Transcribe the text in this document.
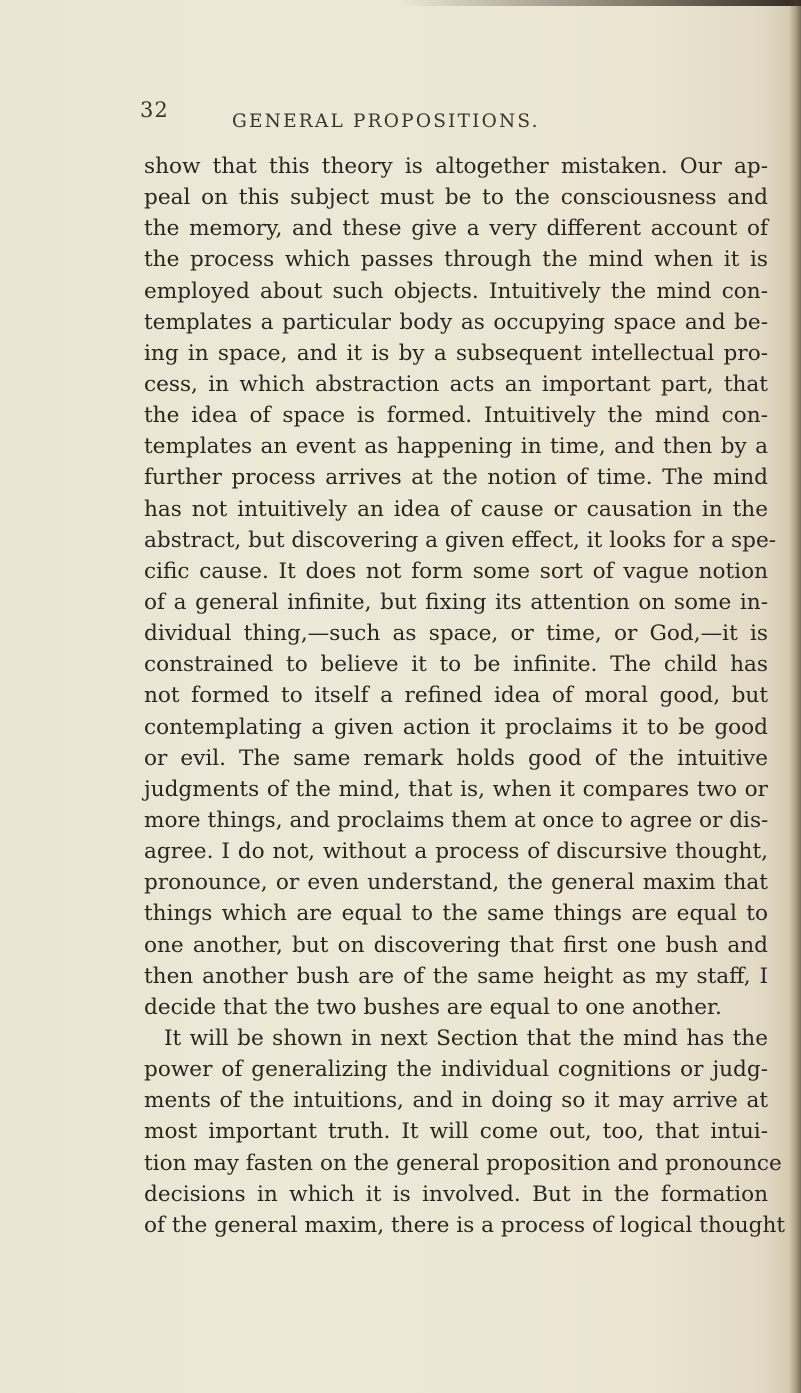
32	GENERAL PROPOSITIONS.
show that this theory is altogether mistaken. Our ap-
peal on this subject must be to the consciousness and
the memory, and these give a very different account of
the process which passes through the mind when it is
employed about such objects. Intuitively the mind con-
templates a particular body as occupying space and be-
ing in space, and it is by a subsequent intellectual pro-
cess, in which abstraction acts an important part, that
the idea of space is formed. Intuitively the mind con-
templates an event as happening in time, and then by a
further process arrives at the notion of time. The mind
has not intuitively an idea of cause or causation in the
abstract, but discovering a given effect, it looks for a spe-
cific cause. It does not form some sort of vague notion
of a general infinite, but fixing its attention on some in-
dividual thing,—such as space, or time, or God,—it is
constrained to believe it to be infinite. The child has
not formed to itself a refined idea of moral good, but
contemplating a given action it proclaims it to be good
or evil. The same remark holds good of the intuitive
judgments of the mind, that is, when it compares two or
more things, and proclaims them at once to agree or dis-
agree. I do not, without a process of discursive thought,
pronounce, or even understand, the general maxim that
things which are equal to the same things are equal to
one another, but on discovering that first one bush and
then another bush are of the same height as my staff, I
decide that the two bushes are equal to one another.
It will be shown in next Section that the mind has the
power of generalizing the individual cognitions or judg-
ments of the intuitions, and in doing so it may arrive at
most important truth. It will come out, too, that intui-
tion may fasten on the general proposition and pronounce
decisions in which it is involved. But in the formation
of the general maxim, there is a process of logical thought
